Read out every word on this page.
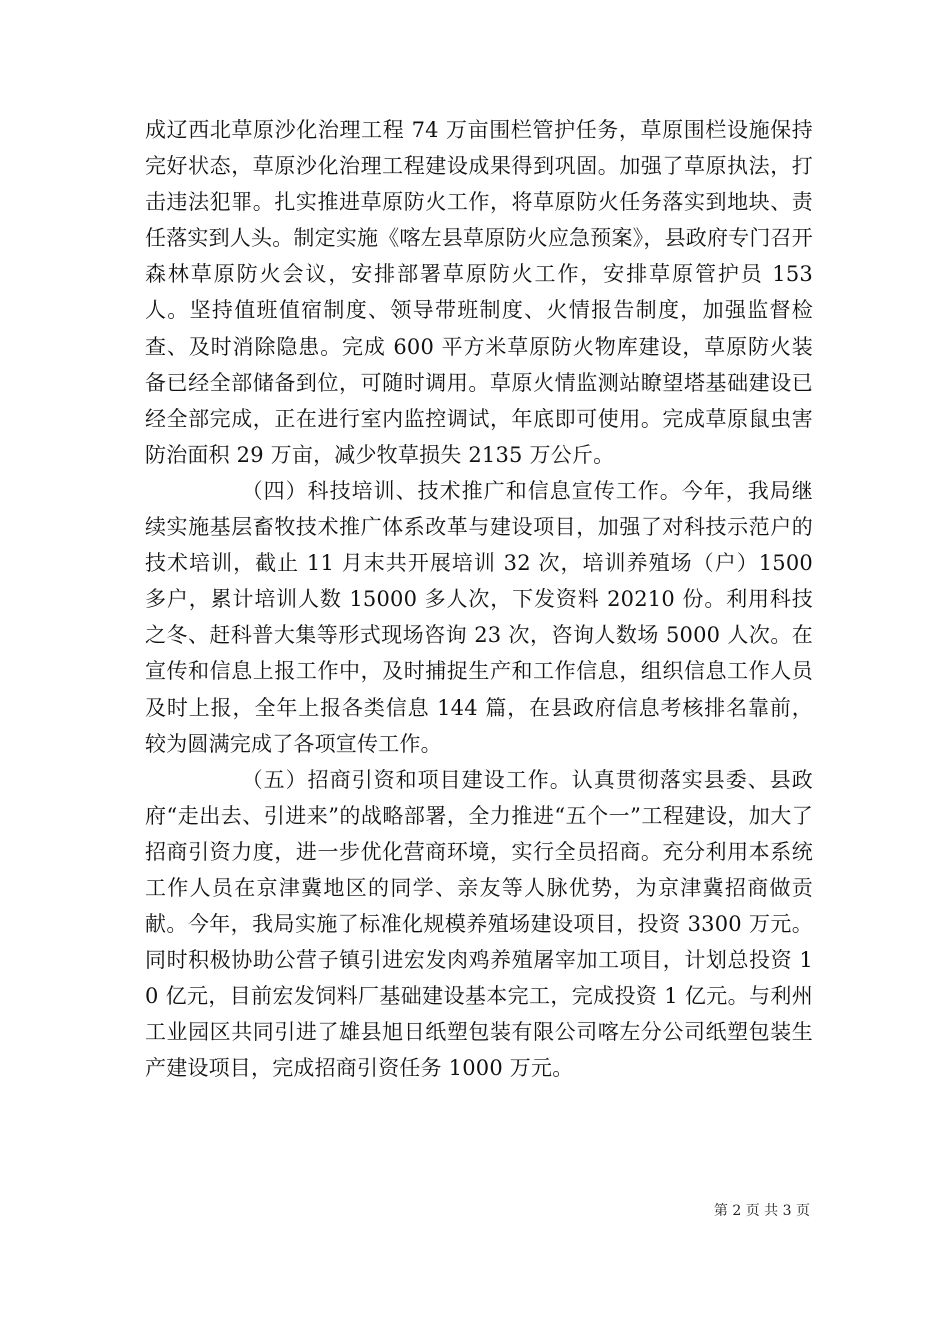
成辽西北草原沙化治理工程 74 万亩围栏管护任务，草原围栏设施保持完好状态，草原沙化治理工程建设成果得到巩固。加强了草原执法，打击违法犯罪。扎实推进草原防火工作，将草原防火任务落实到地块、责任落实到人头。制定实施《喀左县草原防火应急预案》，县政府专门召开森林草原防火会议，安排部署草原防火工作，安排草原管护员 153 人。坚持值班值宿制度、领导带班制度、火情报告制度，加强监督检查、及时消除隐患。完成 600 平方米草原防火物库建设，草原防火装备已经全部储备到位，可随时调用。草原火情监测站瞭望塔基础建设已经全部完成，正在进行室内监控调试，年底即可使用。完成草原鼠虫害防治面积 29 万亩，减少牧草损失 2135 万公斤。

（四）科技培训、技术推广和信息宣传工作。今年，我局继续实施基层畜牧技术推广体系改革与建设项目，加强了对科技示范户的技术培训，截止 11 月末共开展培训 32 次，培训养殖场（户）1500 多户，累计培训人数 15000 多人次，下发资料 20210 份。利用科技之冬、赶科普大集等形式现场咨询 23 次，咨询人数场 5000 人次。在宣传和信息上报工作中，及时捕捉生产和工作信息，组织信息工作人员及时上报，全年上报各类信息 144 篇，在县政府信息考核排名靠前，较为圆满完成了各项宣传工作。

（五）招商引资和项目建设工作。认真贯彻落实县委、县政府“走出去、引进来”的战略部署，全力推进“五个一”工程建设，加大了招商引资力度，进一步优化营商环境，实行全员招商。充分利用本系统工作人员在京津冀地区的同学、亲友等人脉优势，为京津冀招商做贡献。今年，我局实施了标准化规模养殖场建设项目，投资 3300 万元。同时积极协助公营子镇引进宏发肉鸡养殖屠宰加工项目，计划总投资 10 亿元，目前宏发饲料厂基础建设基本完工，完成投资 1 亿元。与利州工业园区共同引进了雄县旭日纸塑包装有限公司喀左分公司纸塑包装生产建设项目，完成招商引资任务 1000 万元。

第 2 页 共 3 页
